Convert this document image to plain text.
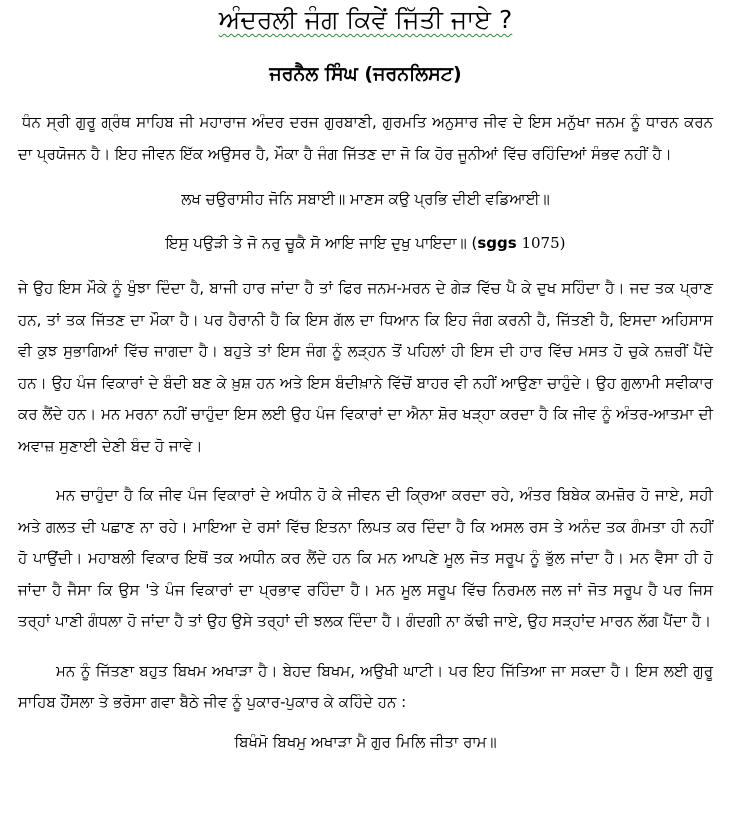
ਅੰਦਰਲੀ ਜੰਗ ਕਿਵੇਂ ਜਿੱਤੀ ਜਾਏ ?
ਜਰਨੈਲ ਸਿੰਘ (ਜਰਨਲਿਸਟ)

ਧੰਨ ਸ੍ਰੀ ਗੁਰੂ ਗ੍ਰੰਥ ਸਾਹਿਬ ਜੀ ਮਹਾਰਾਜ ਅੰਦਰ ਦਰਜ ਗੁਰਬਾਣੀ, ਗੁਰਮਤਿ ਅਨੁਸਾਰ ਜੀਵ ਦੇ ਇਸ ਮਨੁੱਖਾ ਜਨਮ ਨੂੰ ਧਾਰਨ ਕਰਨ ਦਾ ਪ੍ਰਯੋਜਨ ਹੈ। ਇਹ ਜੀਵਨ ਇੱਕ ਅਉਸਰ ਹੈ, ਮੌਕਾ ਹੈ ਜੰਗ ਜਿੱਤਣ ਦਾ ਜੋ ਕਿ ਹੋਰ ਜੂਨੀਆਂ ਵਿੱਚ ਰਹਿੰਦਿਆਂ ਸੰਭਵ ਨਹੀਂ ਹੈ।

ਲਖ ਚਉਰਾਸੀਹ ਜੋਨਿ ਸਬਾਈ॥ ਮਾਣਸ ਕਉ ਪ੍ਰਭਿ ਦੀਈ ਵਡਿਆਈ॥

ਇਸੁ ਪਉੜੀ ਤੇ ਜੋ ਨਰੁ ਚੂਕੈ ਸੋ ਆਇ ਜਾਇ ਦੁਖੁ ਪਾਇਦਾ॥ (sggs 1075)

ਜੇ ਉਹ ਇਸ ਮੌਕੇ ਨੂੰ ਖੁੰਝਾ ਦਿੰਦਾ ਹੈ, ਬਾਜੀ ਹਾਰ ਜਾਂਦਾ ਹੈ ਤਾਂ ਫਿਰ ਜਨਮ-ਮਰਨ ਦੇ ਗੇੜ ਵਿੱਚ ਪੈ ਕੇ ਦੁਖ ਸਹਿੰਦਾ ਹੈ। ਜਦ ਤਕ ਪ੍ਰਾਣ ਹਨ, ਤਾਂ ਤਕ ਜਿੱਤਣ ਦਾ ਮੌਕਾ ਹੈ। ਪਰ ਹੈਰਾਨੀ ਹੈ ਕਿ ਇਸ ਗੱਲ ਦਾ ਧਿਆਨ ਕਿ ਇਹ ਜੰਗ ਕਰਨੀ ਹੈ, ਜਿੱਤਣੀ ਹੈ, ਇਸਦਾ ਅਹਿਸਾਸ ਵੀ ਕੁਝ ਸੁਭਾਗਿਆਂ ਵਿੱਚ ਜਾਗਦਾ ਹੈ। ਬਹੁਤੇ ਤਾਂ ਇਸ ਜੰਗ ਨੂੰ ਲੜ੍ਹਨ ਤੋਂ ਪਹਿਲਾਂ ਹੀ ਇਸ ਦੀ ਹਾਰ ਵਿੱਚ ਮਸਤ ਹੋ ਚੁਕੇ ਨਜ਼ਰੀਂ ਪੈਂਦੇ ਹਨ। ਉਹ ਪੰਜ ਵਿਕਾਰਾਂ ਦੇ ਬੰਦੀ ਬਣ ਕੇ ਖ਼ੁਸ਼ ਹਨ ਅਤੇ ਇਸ ਬੰਦੀਖ਼ਾਨੇ ਵਿੱਚੋਂ ਬਾਹਰ ਵੀ ਨਹੀਂ ਆਉਣਾ ਚਾਹੁੰਦੇ। ਉਹ ਗੁਲਾਮੀ ਸਵੀਕਾਰ ਕਰ ਲੈਂਦੇ ਹਨ। ਮਨ ਮਰਨਾ ਨਹੀਂ ਚਾਹੁੰਦਾ ਇਸ ਲਈ ਉਹ ਪੰਜ ਵਿਕਾਰਾਂ ਦਾ ਐਨਾ ਸ਼ੋਰ ਖੜ੍ਹਾ ਕਰਦਾ ਹੈ ਕਿ ਜੀਵ ਨੂੰ ਅੰਤਰ-ਆਤਮਾ ਦੀ ਅਵਾਜ਼ ਸੁਣਾਈ ਦੇਣੀ ਬੰਦ ਹੋ ਜਾਵੇ।

ਮਨ ਚਾਹੁੰਦਾ ਹੈ ਕਿ ਜੀਵ ਪੰਜ ਵਿਕਾਰਾਂ ਦੇ ਅਧੀਨ ਹੋ ਕੇ ਜੀਵਨ ਦੀ ਕ੍ਰਿਆ ਕਰਦਾ ਰਹੇ, ਅੰਤਰ ਬਿਬੇਕ ਕਮਜ਼ੋਰ ਹੋ ਜਾਏ, ਸਹੀ ਅਤੇ ਗਲਤ ਦੀ ਪਛਾਣ ਨਾ ਰਹੇ। ਮਾਇਆ ਦੇ ਰਸਾਂ ਵਿੱਚ ਇਤਨਾ ਲਿਪਤ ਕਰ ਦਿੰਦਾ ਹੈ ਕਿ ਅਸਲ ਰਸ ਤੇ ਅਨੰਦ ਤਕ ਗੰਮਤਾ ਹੀ ਨਹੀਂ ਹੋ ਪਾਉਂਦੀ। ਮਹਾਬਲੀ ਵਿਕਾਰ ਇਥੋਂ ਤਕ ਅਧੀਨ ਕਰ ਲੈਂਦੇ ਹਨ ਕਿ ਮਨ ਆਪਣੇ ਮੂਲ ਜੋਤ ਸਰੂਪ ਨੂੰ ਭੁੱਲ ਜਾਂਦਾ ਹੈ। ਮਨ ਵੈਸਾ ਹੀ ਹੋ ਜਾਂਦਾ ਹੈ ਜੈਸਾ ਕਿ ਉਸ 'ਤੇ ਪੰਜ ਵਿਕਾਰਾਂ ਦਾ ਪ੍ਰਭਾਵ ਰਹਿੰਦਾ ਹੈ। ਮਨ ਮੂਲ ਸਰੂਪ ਵਿੱਚ ਨਿਰਮਲ ਜਲ ਜਾਂ ਜੋਤ ਸਰੂਪ ਹੈ ਪਰ ਜਿਸ ਤਰ੍ਹਾਂ ਪਾਣੀ ਗੰਧਲਾ ਹੋ ਜਾਂਦਾ ਹੈ ਤਾਂ ਉਹ ਉਸੇ ਤਰ੍ਹਾਂ ਦੀ ਝਲਕ ਦਿੰਦਾ ਹੈ। ਗੰਦਗੀ ਨਾ ਕੱਢੀ ਜਾਏ, ਉਹ ਸੜ੍ਹਾਂਦ ਮਾਰਨ ਲੱਗ ਪੈਂਦਾ ਹੈ।

ਮਨ ਨੂੰ ਜਿੱਤਣਾ ਬਹੁਤ ਬਿਖਮ ਅਖਾੜਾ ਹੈ। ਬੇਹਦ ਬਿਖਮ, ਅਉਖੀ ਘਾਟੀ। ਪਰ ਇਹ ਜਿੱਤਿਆ ਜਾ ਸਕਦਾ ਹੈ। ਇਸ ਲਈ ਗੁਰੂ ਸਾਹਿਬ ਹੌਂਸਲਾ ਤੇ ਭਰੋਸਾ ਗਵਾ ਬੈਠੇ ਜੀਵ ਨੂੰ ਪੁਕਾਰ-ਪੁਕਾਰ ਕੇ ਕਹਿੰਦੇ ਹਨ :

ਬਿਖੰਮੋ ਬਿਖਮੁ ਅਖਾੜਾ ਮੈ ਗੁਰ ਮਿਲਿ ਜੀਤਾ ਰਾਮ॥
